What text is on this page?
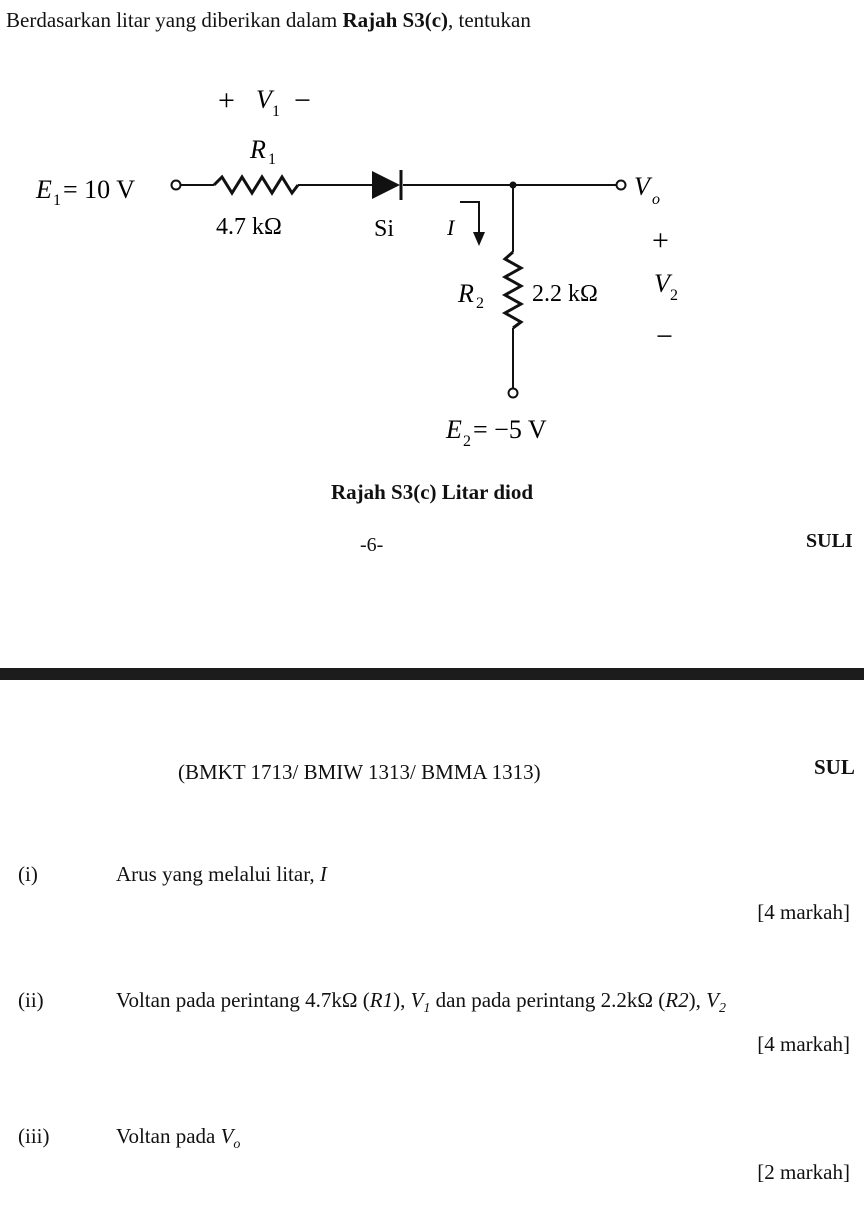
Berdasarkan litar yang diberikan dalam Rajah S3(c), tentukan
+ V 1 −
R 1
E 1 = 10 V
4.7 kΩ	Si I
V o
+
V 2
−
R 2 2.2 kΩ
E 2 = −5 V
Rajah S3(c) Litar diod
-6-	SULI
(BMKT 1713/ BMIW 1313/ BMMA 1313)	SUL
(i)	Arus yang melalui litar, I
[4 markah]
(ii)	Voltan pada perintang 4.7kΩ (R1), $V_1$ dan pada perintang 2.2kΩ (R2), $V_2$
[4 markah]
(iii)	Voltan pada $V_o$
[2 markah]
